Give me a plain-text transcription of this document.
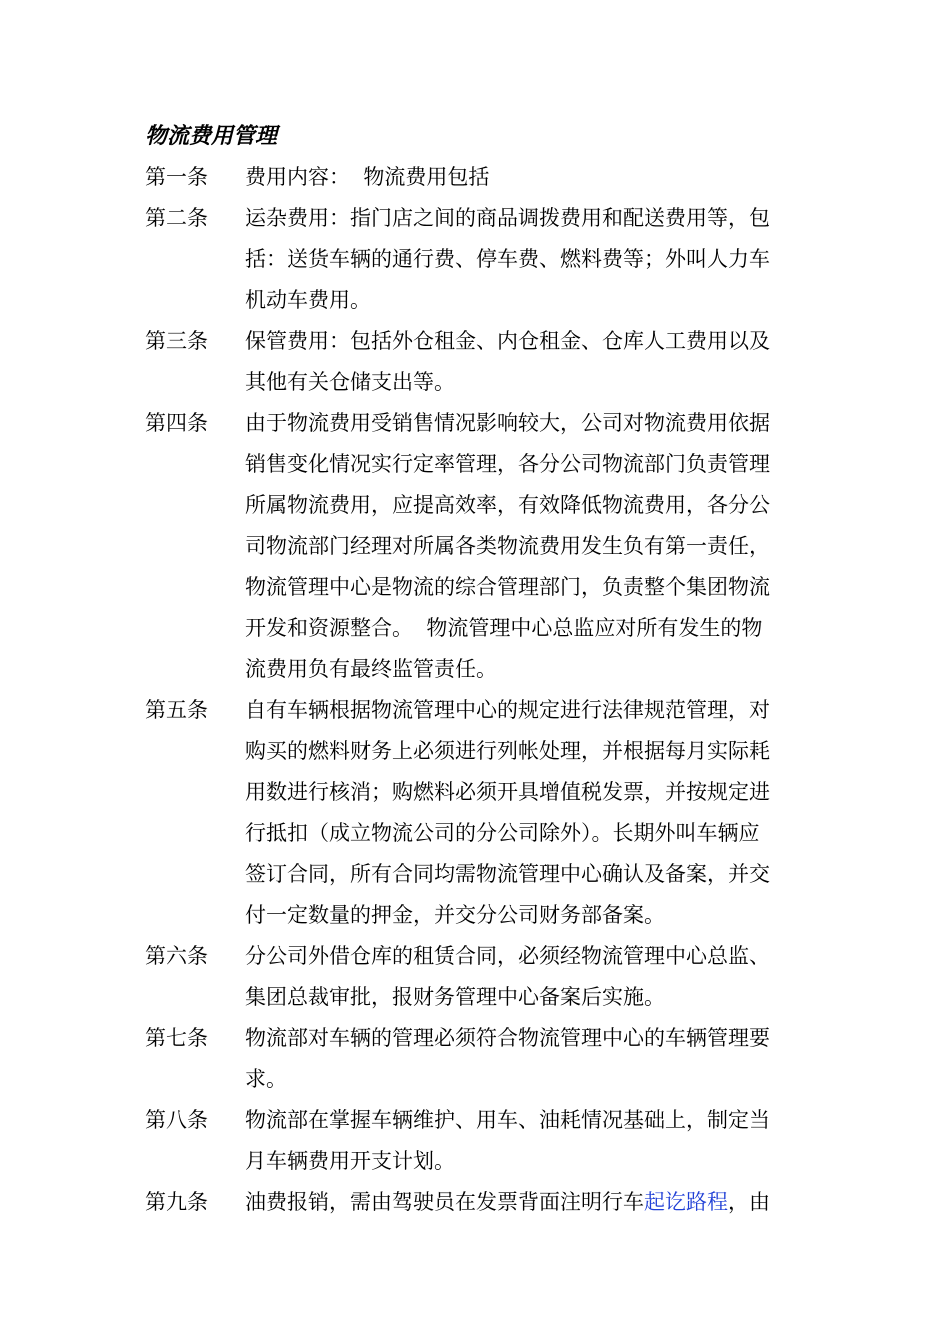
物流费用管理
第一条	费用内容：  物流费用包括
第二条	运杂费用：指门店之间的商品调拨费用和配送费用等，包
括：送货车辆的通行费、停车费、燃料费等；外叫人力车
机动车费用。
第三条	保管费用：包括外仓租金、内仓租金、仓库人工费用以及
其他有关仓储支出等。
第四条	由于物流费用受销售情况影响较大，公司对物流费用依据
销售变化情况实行定率管理，各分公司物流部门负责管理
所属物流费用，应提高效率，有效降低物流费用，各分公
司物流部门经理对所属各类物流费用发生负有第一责任，
物流管理中心是物流的综合管理部门，负责整个集团物流
开发和资源整合。  物流管理中心总监应对所有发生的物
流费用负有最终监管责任。
第五条	自有车辆根据物流管理中心的规定进行法律规范管理，对
购买的燃料财务上必须进行列帐处理，并根据每月实际耗
用数进行核消；购燃料必须开具增值税发票，并按规定进
行抵扣（成立物流公司的分公司除外）。长期外叫车辆应
签订合同，所有合同均需物流管理中心确认及备案，并交
付一定数量的押金，并交分公司财务部备案。
第六条	分公司外借仓库的租赁合同，必须经物流管理中心总监、
集团总裁审批，报财务管理中心备案后实施。
第七条	物流部对车辆的管理必须符合物流管理中心的车辆管理要
求。
第八条	物流部在掌握车辆维护、用车、油耗情况基础上，制定当
月车辆费用开支计划。
第九条	油费报销，需由驾驶员在发票背面注明行车起讫路程，由
